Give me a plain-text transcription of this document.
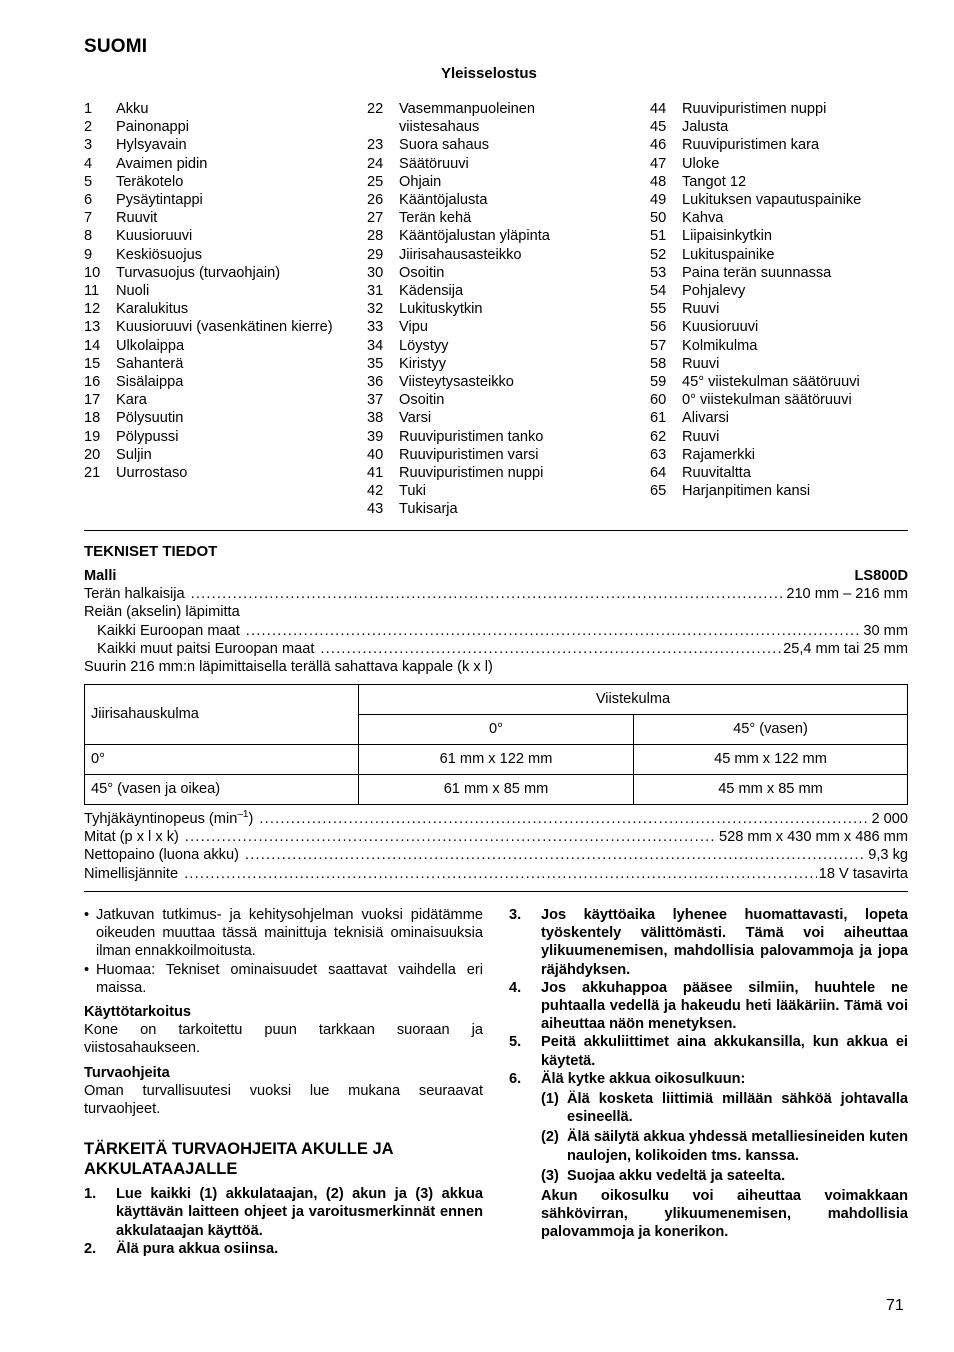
SUOMI
Yleisselostus
1	Akku
2	Painonappi
3	Hylsyavain
4	Avaimen pidin
5	Teräkotelo
6	Pysäytintappi
7	Ruuvit
8	Kuusioruuvi
9	Keskiösuojus
10	Turvasuojus (turvaohjain)
11	Nuoli
12	Karalukitus
13	Kuusioruuvi (vasenkätinen kierre)
14	Ulkolaippa
15	Sahanterä
16	Sisälaippa
17	Kara
18	Pölysuutin
19	Pölypussi
20	Suljin
21	Uurrostaso
22	Vasemmanpuoleinen viistesahaus
23	Suora sahaus
24	Säätöruuvi
25	Ohjain
26	Kääntöjalusta
27	Terän kehä
28	Kääntöjalustan yläpinta
29	Jiirisahausasteikko
30	Osoitin
31	Kädensija
32	Lukituskytkin
33	Vipu
34	Löystyy
35	Kiristyy
36	Viisteytysasteikko
37	Osoitin
38	Varsi
39	Ruuvipuristimen tanko
40	Ruuvipuristimen varsi
41	Ruuvipuristimen nuppi
42	Tuki
43	Tukisarja
44	Ruuvipuristimen nuppi
45	Jalusta
46	Ruuvipuristimen kara
47	Uloke
48	Tangot 12
49	Lukituksen vapautuspainike
50	Kahva
51	Liipaisinkytkin
52	Lukituspainike
53	Paina terän suunnassa
54	Pohjalevy
55	Ruuvi
56	Kuusioruuvi
57	Kolmikulma
58	Ruuvi
59	45° viistekulman säätöruuvi
60	0° viistekulman säätöruuvi
61	Alivarsi
62	Ruuvi
63	Rajamerkki
64	Ruuvitaltta
65	Harjanpitimen kansi
TEKNISET TIEDOT
Malli	LS800D
Terän halkaisija .....	210 mm – 216 mm
Reiän (akselin) läpimitta
Kaikki Euroopan maat .....	30 mm
Kaikki muut paitsi Euroopan maat .....	25,4 mm tai 25 mm
Suurin 216 mm:n läpimittaisella terällä sahattava kappale (k x l)
Jiirisahauskulma	Viistekulma	
	0°	45° (vasen)
0°	61 mm x 122 mm	45 mm x 122 mm
45° (vasen ja oikea)	61 mm x 85 mm	45 mm x 85 mm
Tyhjäkäyntinopeus $(\min^{-1})$ .....	2 000
Mitat (p x l x k) .....	528 mm x 430 mm x 486 mm
Nettopaino (luona akku) .....	9,3 kg
Nimellisjännite .....	18 V tasavirta
• Jatkuvan tutkimus- ja kehitysohjelman vuoksi pidätämme oikeuden muuttaa tässä mainittuja teknisiä ominaisuuksia ilman ennakkoilmoitusta.
• Huomaa: Tekniset ominaisuudet saattavat vaihdella eri maissa.
Käyttötarkoitus
Kone on tarkoitettu puun tarkkaan suoraan ja viistosahaukseen.
Turvaohjeita
Oman turvallisuutesi vuoksi lue mukana seuraavat turvaohjeet.
TÄRKEITÄ TURVAOHJEITA AKULLE JA AKKULATAAJALLE
1.	Lue kaikki (1) akkulataajan, (2) akun ja (3) akkua käyttävän laitteen ohjeet ja varoitusmerkinnät ennen akkulataajan käyttöä.
2.	Älä pura akkua osiinsa.
3.	Jos käyttöaika lyhenee huomattavasti, lopeta työskentely välittömästi. Tämä voi aiheuttaa ylikuumenemisen, mahdollisia palovammoja ja jopa räjähdyksen.
4.	Jos akkuhappoa pääsee silmiin, huuhtele ne puhtaalla vedellä ja hakeudu heti lääkäriin. Tämä voi aiheuttaa näön menetyksen.
5.	Peitä akkuliittimet aina akkukansilla, kun akkua ei käytetä.
6.	Älä kytke akkua oikosulkuun:
(1) Älä kosketa liittimiä millään sähköä johtavalla esineellä.
(2) Älä säilytä akkua yhdessä metalliesineiden kuten naulojen, kolikoiden tms. kanssa.
(3) Suojaa akku vedeltä ja sateelta.
Akun oikosulku voi aiheuttaa voimakkaan sähkövirran, ylikuumenemisen, mahdollisia palovammoja ja konerikon.
71
